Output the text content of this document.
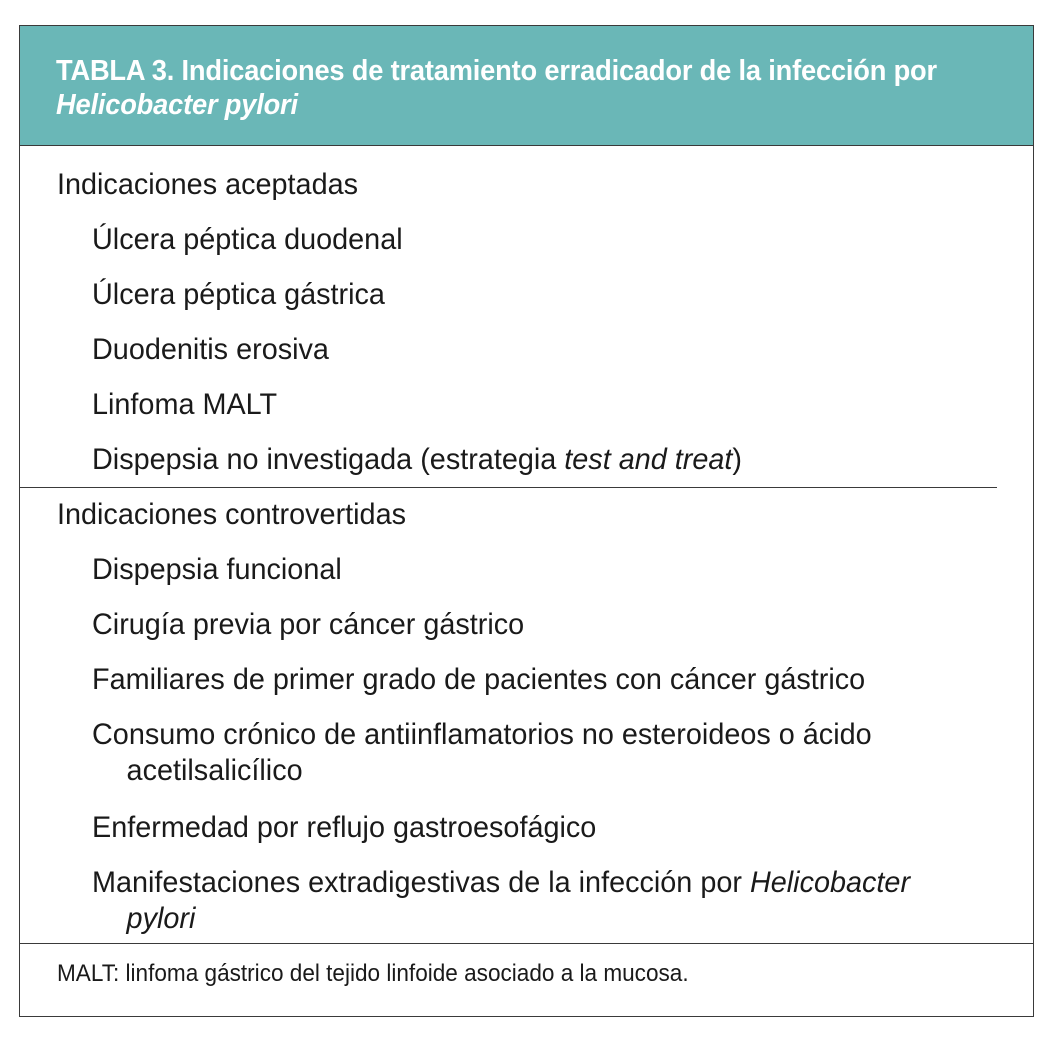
TABLA 3. Indicaciones de tratamiento erradicador de la infección por Helicobacter pylori
Indicaciones aceptadas
Úlcera péptica duodenal
Úlcera péptica gástrica
Duodenitis erosiva
Linfoma MALT
Dispepsia no investigada (estrategia test and treat)
Indicaciones controvertidas
Dispepsia funcional
Cirugía previa por cáncer gástrico
Familiares de primer grado de pacientes con cáncer gástrico
Consumo crónico de antiinflamatorios no esteroideos o ácido
acetilsalicílico
Enfermedad por reflujo gastroesofágico
Manifestaciones extradigestivas de la infección por Helicobacter
pylori
MALT: linfoma gástrico del tejido linfoide asociado a la mucosa.
